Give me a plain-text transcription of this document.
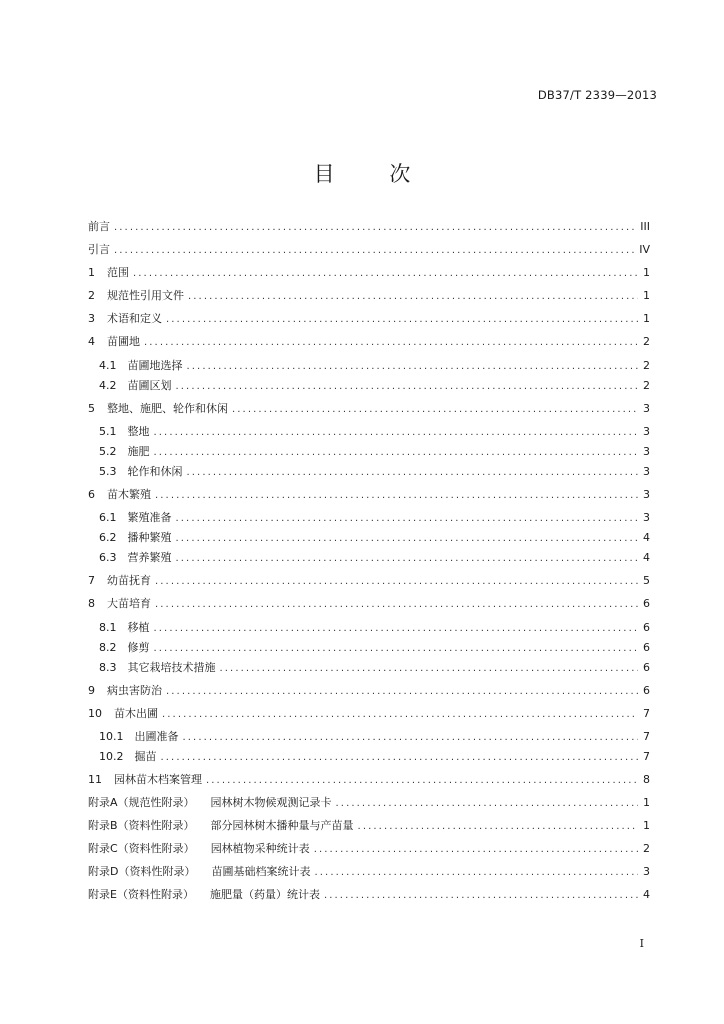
DB37/T 2339—2013
目	次
前言 .....	III
引言 .....	IV
1 范围 .....	1
2 规范性引用文件 .....	1
3 术语和定义 .....	1
4 苗圃地 .....	2
4.1 苗圃地选择 .....	2
4.2 苗圃区划 .....	2
5 整地、施肥、轮作和休闲 .....	3
5.1 整地 .....	3
5.2 施肥 .....	3
5.3 轮作和休闲 .....	3
6 苗木繁殖 .....	3
6.1 繁殖准备 .....	3
6.2 播种繁殖 .....	4
6.3 营养繁殖 .....	4
7 幼苗抚育 .....	5
8 大苗培育 .....	6
8.1 移植 .....	6
8.2 修剪 .....	6
8.3 其它栽培技术措施 .....	6
9 病虫害防治 .....	6
10 苗木出圃 .....	7
10.1 出圃准备 .....	7
10.2 掘苗 .....	7
11 园林苗木档案管理 .....	8
附录A（规范性附录） 园林树木物候观测记录卡 .....	1
附录B（资料性附录） 部分园林树木播种量与产苗量 .....	1
附录C（资料性附录） 园林植物采种统计表 .....	2
附录D（资料性附录） 苗圃基础档案统计表 .....	3
附录E（资料性附录） 施肥量（药量）统计表 .....	4
I
